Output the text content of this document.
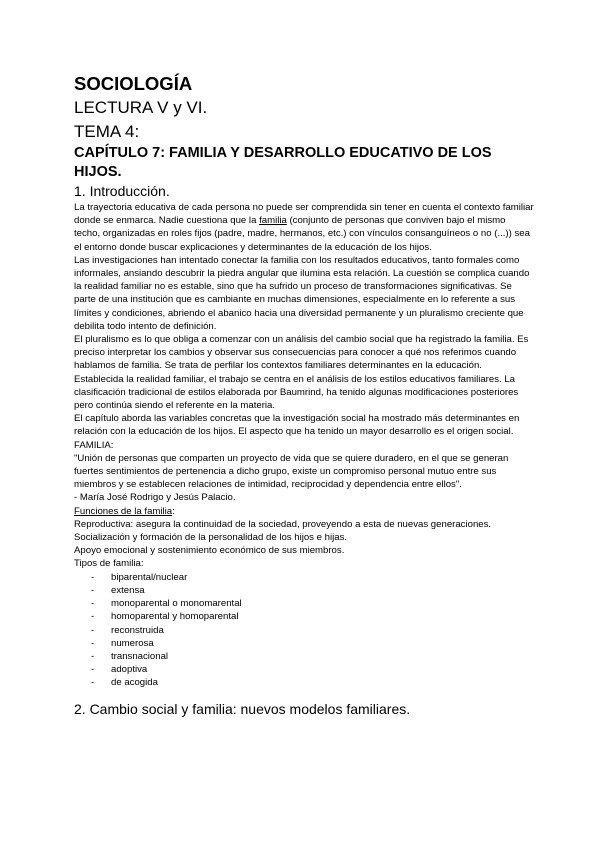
SOCIOLOGÍA
LECTURA V y VI.
TEMA 4:
CAPÍTULO 7: FAMILIA Y DESARROLLO EDUCATIVO DE LOS HIJOS.
1. Introducción.

La trayectoria educativa de cada persona no puede ser comprendida sin tener en cuenta el contexto familiar donde se enmarca. Nadie cuestiona que la familia (conjunto de personas que conviven bajo el mismo techo, organizadas en roles fijos (padre, madre, hermanos, etc.) con vínculos consanguíneos o no (...)) sea el entorno donde buscar explicaciones y determinantes de la educación de los hijos.

Las investigaciones han intentado conectar la familia con los resultados educativos, tanto formales como informales, ansiando descubrir la piedra angular que ilumina esta relación. La cuestión se complica cuando la realidad familiar no es estable, sino que ha sufrido un proceso de transformaciones significativas. Se parte de una institución que es cambiante en muchas dimensiones, especialmente en lo referente a sus límites y condiciones, abriendo el abanico hacia una diversidad permanente y un pluralismo creciente que debilita todo intento de definición.

El pluralismo es lo que obliga a comenzar con un análisis del cambio social que ha registrado la familia. Es preciso interpretar los cambios y observar sus consecuencias para conocer a qué nos referimos cuando hablamos de familia. Se trata de perfilar los contextos familiares determinantes en la educación.

Establecida la realidad familiar, el trabajo se centra en el análisis de los estilos educativos familiares. La clasificación tradicional de estilos elaborada por Baumrind, ha tenido algunas modificaciones posteriores pero continúa siendo el referente en la materia.

El capítulo aborda las variables concretas que la investigación social ha mostrado más determinantes en relación con la educación de los hijos. El aspecto que ha tenido un mayor desarrollo es el origen social.

FAMILIA:

"Unión de personas que comparten un proyecto de vida que se quiere duradero, en el que se generan fuertes sentimientos de pertenencia a dicho grupo, existe un compromiso personal mutuo entre sus miembros y se establecen relaciones de intimidad, reciprocidad y dependencia entre ellos".

- María José Rodrigo y Jesús Palacio.

Funciones de la familia:

Reproductiva: asegura la continuidad de la sociedad, proveyendo a esta de nuevas generaciones.

Socialización y formación de la personalidad de los hijos e hijas.

Apoyo emocional y sostenimiento económico de sus miembros.

Tipos de familia:

- biparental/nuclear
- extensa
- monoparental o monomarental
- homoparental y homoparental
- reconstruida
- numerosa
- transnacional
- adoptiva
- de acogida
2. Cambio social y familia: nuevos modelos familiares.
